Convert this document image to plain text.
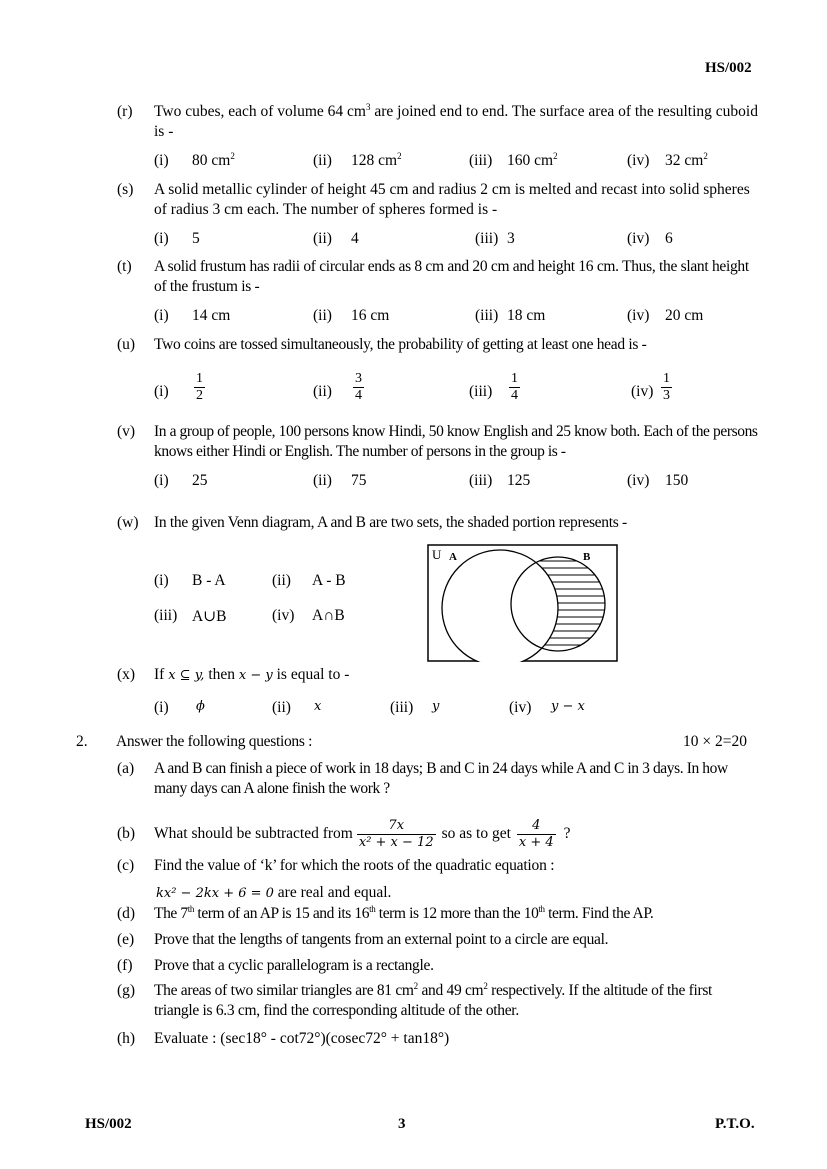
HS/002
(r) Two cubes, each of volume 64 $cm^3$ are joined end to end. The surface area of the resulting cuboid is -
(i) 80 $cm^2$	(ii) 128 $cm^2$	(iii) 160 $cm^2$	(iv) 32 $cm^2$
(s) A solid metallic cylinder of height 45 cm and radius 2 cm is melted and recast into solid spheres of radius 3 cm each. The number of spheres formed is -
(i) 5	(ii) 4	(iii) 3	(iv) 6
(t) A solid frustum has radii of circular ends as 8 cm and 20 cm and height 16 cm. Thus, the slant height of the frustum is -
(i) 14 cm	(ii) 16 cm	(iii) 18 cm	(iv) 20 cm
(u) Two coins are tossed simultaneously, the probability of getting at least one head is -
$(i) \frac{1}{2}$	$(ii) \frac{3}{4}$	$(iii) \frac{1}{4}$	$(iv) \frac{1}{3}$
(v) In a group of people, 100 persons know Hindi, 50 know English and 25 know both. Each of the persons knows either Hindi or English. The number of persons in the group is -
(i) 25	(ii) 75	(iii) 125	(iv) 150
(w) In the given Venn diagram, A and B are two sets, the shaded portion represents -
(i) B - A	(ii) A - B
(iii) A∪B	(iv) A∩B
U A	B
(x) If x ⊆ y, then x − y is equal to -
(i) ϕ	(ii) x	(iii) y	(iv) y − x
2. Answer the following questions :	10 × 2=20
(a) A and B can finish a piece of work in 18 days; B and C in 24 days while A and C in 3 days. In how many days can A alone finish the work ?
(b) What should be subtracted from $\frac{7x}{\text{x² + x − 12}}$ so as to get $\frac{4}{x + 4}$ ?
(c) Find the value of ‘k’ for which the roots of the quadratic equation :
kx² − 2kx + 6 = 0 are real and equal.
(d) The 7th term of an AP is 15 and its 16th term is 12 more than the 10th term. Find the AP.
(e) Prove that the lengths of tangents from an external point to a circle are equal.
(f) Prove that a cyclic parallelogram is a rectangle.
(g) The areas of two similar triangles are 81 $cm^2$ and 49 $cm^2$ respectively. If the altitude of the first triangle is 6.3 cm, find the corresponding altitude of the other.
(h) Evaluate : (sec18° - cot72°)(cosec72° + tan18°)
HS/002	3	P.T.O.
